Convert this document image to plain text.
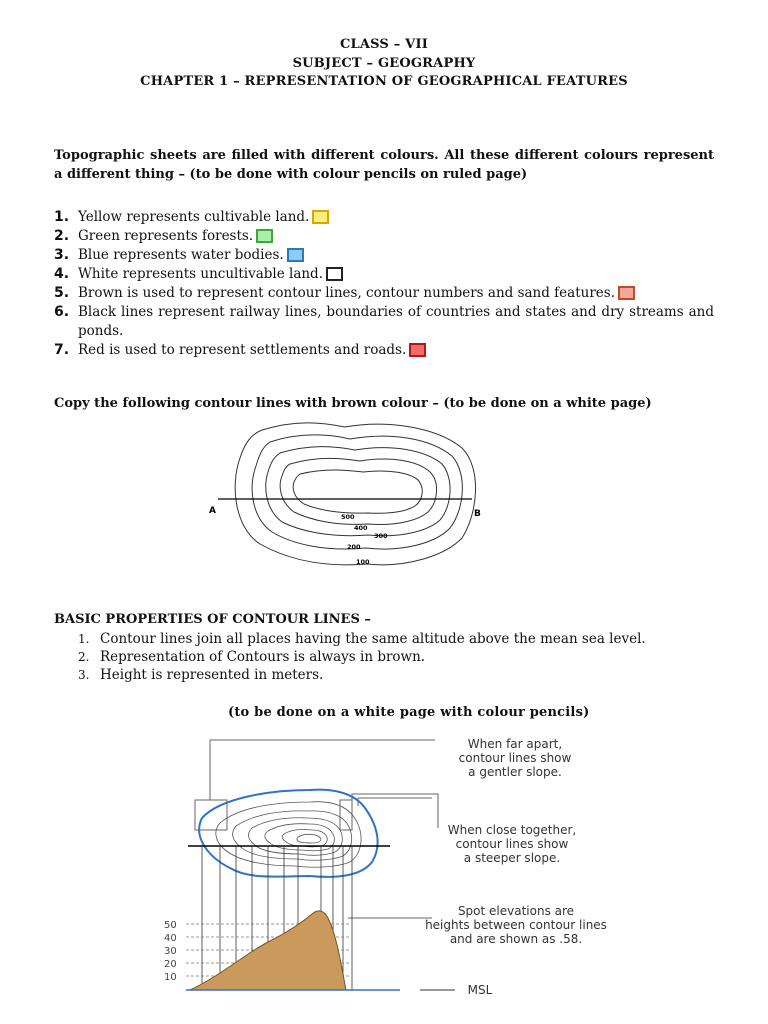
CLASS – VII
SUBJECT – GEOGRAPHY
CHAPTER 1 – REPRESENTATION OF GEOGRAPHICAL FEATURES
Topographic sheets are filled with different colours. All these different colours represent a different thing – (to be done with colour pencils on ruled page)
1. Yellow represents cultivable land.
2. Green represents forests.
3. Blue represents water bodies.
4. White represents uncultivable land.
5. Brown is used to represent contour lines, contour numbers and sand features.
6. Black lines represent railway lines, boundaries of countries and states and dry streams and ponds.
7. Red is used to represent settlements and roads.
Copy the following contour lines with brown colour – (to be done on a white page)
A	B
500
400
300
200
100
BASIC PROPERTIES OF CONTOUR LINES –
1. Contour lines join all places having the same altitude above the mean sea level.
2. Representation of Contours is always in brown.
3. Height is represented in meters.
(to be done on a white page with colour pencils)
50
40
30
20
10
When far apart,
contour lines show
a gentler slope.
When close together,
contour lines show
a steeper slope.
Spot elevations are
heights between contour lines
and are shown as .58.
MSL
